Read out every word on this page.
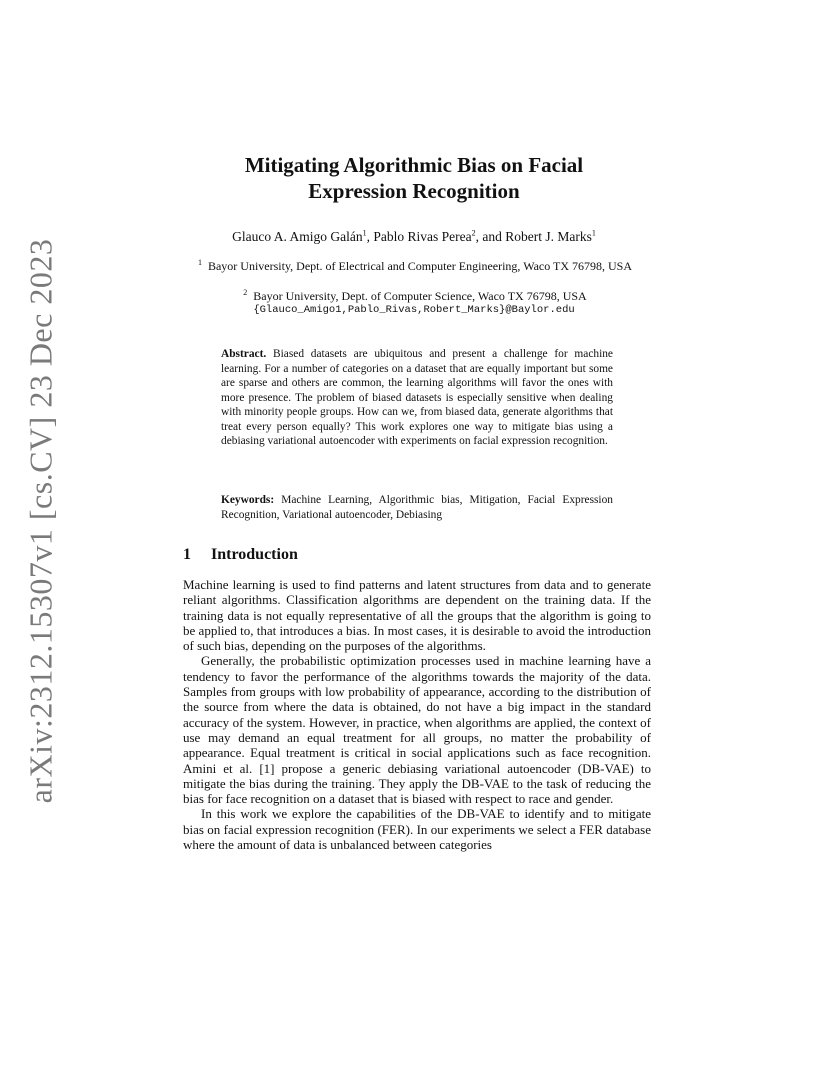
arXiv:2312.15307v1 [cs.CV] 23 Dec 2023
Mitigating Algorithmic Bias on Facial
Expression Recognition
Glauco A. Amigo Galán$^1$, Pablo Rivas Perea$^2$, and Robert J. Marks$^1$
$^1$ Bayor University, Dept. of Electrical and Computer Engineering, Waco TX 76798, USA
$^2$ Bayor University, Dept. of Computer Science, Waco TX 76798, USA
{Glauco_Amigo1,Pablo_Rivas,Robert_Marks}@Baylor.edu
Abstract. Biased datasets are ubiquitous and present a challenge for machine learning. For a number of categories on a dataset that are equally important but some are sparse and others are common, the learning algorithms will favor the ones with more presence. The problem of biased datasets is especially sensitive when dealing with minority people groups. How can we, from biased data, generate algorithms that treat every person equally? This work explores one way to mitigate bias using a debiasing variational autoencoder with experiments on facial expression recognition.
Keywords: Machine Learning, Algorithmic bias, Mitigation, Facial Expression Recognition, Variational autoencoder, Debiasing
1 Introduction

Machine learning is used to find patterns and latent structures from data and to generate reliant algorithms. Classification algorithms are dependent on the training data. If the training data is not equally representative of all the groups that the algorithm is going to be applied to, that introduces a bias. In most cases, it is desirable to avoid the introduction of such bias, depending on the purposes of the algorithms.

Generally, the probabilistic optimization processes used in machine learning have a tendency to favor the performance of the algorithms towards the majority of the data. Samples from groups with low probability of appearance, according to the distribution of the source from where the data is obtained, do not have a big impact in the standard accuracy of the system. However, in practice, when algorithms are applied, the context of use may demand an equal treatment for all groups, no matter the probability of appearance. Equal treatment is critical in social applications such as face recognition. Amini et al. [1] propose a generic debiasing variational autoencoder (DB-VAE) to mitigate the bias during the training. They apply the DB-VAE to the task of reducing the bias for face recognition on a dataset that is biased with respect to race and gender.

In this work we explore the capabilities of the DB-VAE to identify and to mitigate bias on facial expression recognition (FER). In our experiments we select a FER database where the amount of data is unbalanced between categories
